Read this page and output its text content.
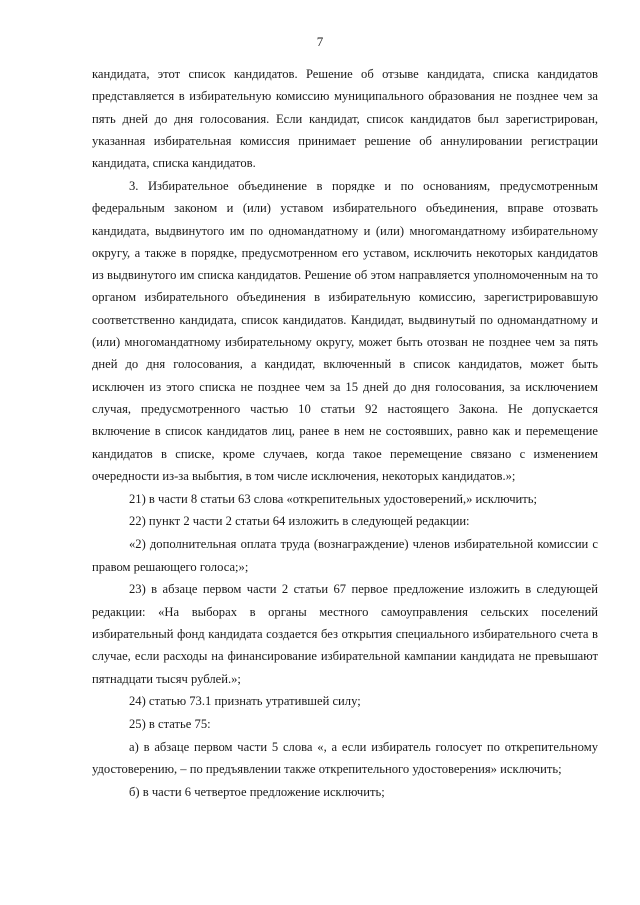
7

кандидата, этот список кандидатов. Решение об отзыве кандидата, списка кандидатов представляется в избирательную комиссию муниципального образования не позднее чем за пять дней до дня голосования. Если кандидат, список кандидатов был зарегистрирован, указанная избирательная комиссия принимает решение об аннулировании регистрации кандидата, списка кандидатов.

3. Избирательное объединение в порядке и по основаниям, предусмотренным федеральным законом и (или) уставом избирательного объединения, вправе отозвать кандидата, выдвинутого им по одномандатному и (или) многомандатному избирательному округу, а также в порядке, предусмотренном его уставом, исключить некоторых кандидатов из выдвинутого им списка кандидатов. Решение об этом направляется уполномоченным на то органом избирательного объединения в избирательную комиссию, зарегистрировавшую соответственно кандидата, список кандидатов. Кандидат, выдвинутый по одномандатному и (или) многомандатному избирательному округу, может быть отозван не позднее чем за пять дней до дня голосования, а кандидат, включенный в список кандидатов, может быть исключен из этого списка не позднее чем за 15 дней до дня голосования, за исключением случая, предусмотренного частью 10 статьи 92 настоящего Закона. Не допускается включение в список кандидатов лиц, ранее в нем не состоявших, равно как и перемещение кандидатов в списке, кроме случаев, когда такое перемещение связано с изменением очередности из-за выбытия, в том числе исключения, некоторых кандидатов.»;

21) в части 8 статьи 63 слова «открепительных удостоверений,» исключить;

22) пункт 2 части 2 статьи 64 изложить в следующей редакции:

«2) дополнительная оплата труда (вознаграждение) членов избирательной комиссии с правом решающего голоса;»;

23) в абзаце первом части 2 статьи 67 первое предложение изложить в следующей редакции: «На выборах в органы местного самоуправления сельских поселений избирательный фонд кандидата создается без открытия специального избирательного счета в случае, если расходы на финансирование избирательной кампании кандидата не превышают пятнадцати тысяч рублей.»;

24) статью 73.1 признать утратившей силу;

25) в статье 75:

а) в абзаце первом части 5 слова «, а если избиратель голосует по открепительному удостоверению, – по предъявлении также открепительного удостоверения» исключить;

б) в части 6 четвертое предложение исключить;
